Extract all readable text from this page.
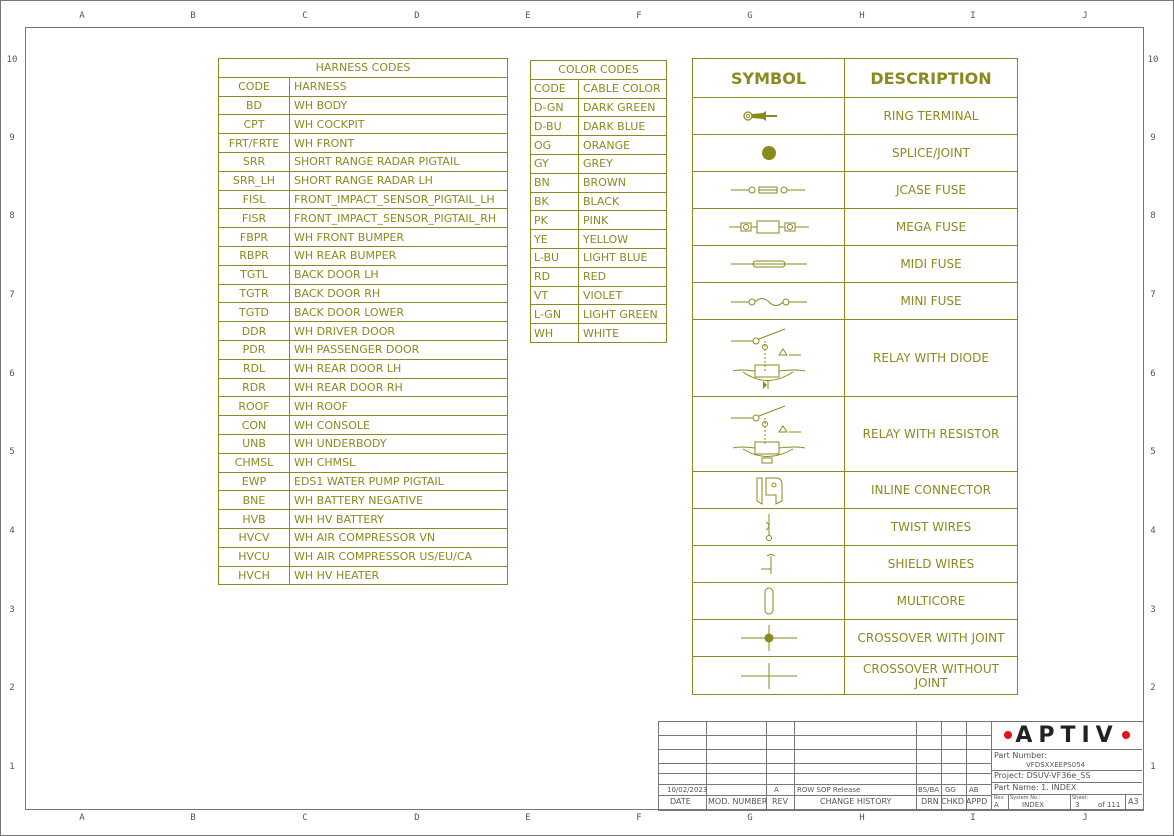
A	B	C	D	E	F	G	H	I	J
A	B	C	D	E	F	G	H	I	J
10
9
8
7
6
5
4
3
2
1
10
9
8
7
6
5
4
3
2
1
HARNESS CODES	
CODE	HARNESS
BD	WH BODY
CPT	WH COCKPIT
FRT/FRTE	WH FRONT
SRR	SHORT RANGE RADAR PIGTAIL
SRR_LH	SHORT RANGE RADAR LH
FISL	FRONT_IMPACT_SENSOR_PIGTAIL_LH
FISR	FRONT_IMPACT_SENSOR_PIGTAIL_RH
FBPR	WH FRONT BUMPER
RBPR	WH REAR BUMPER
TGTL	BACK DOOR LH
TGTR	BACK DOOR RH
TGTD	BACK DOOR LOWER
DDR	WH DRIVER DOOR
PDR	WH PASSENGER DOOR
RDL	WH REAR DOOR LH
RDR	WH REAR DOOR RH
ROOF	WH ROOF
CON	WH CONSOLE
UNB	WH UNDERBODY
CHMSL	WH CHMSL
EWP	EDS1 WATER PUMP PIGTAIL
BNE	WH BATTERY NEGATIVE
HVB	WH HV BATTERY
HVCV	WH AIR COMPRESSOR VN
HVCU	WH AIR COMPRESSOR US/EU/CA
HVCH	WH HV HEATER
COLOR CODES	
CODE	CABLE COLOR
D-GN	DARK GREEN
D-BU	DARK BLUE
OG	ORANGE
GY	GREY
BN	BROWN
BK	BLACK
PK	PINK
YE	YELLOW
L-BU	LIGHT BLUE
RD	RED
VT	VIOLET
L-GN	LIGHT GREEN
WH	WHITE
SYMBOL	DESCRIPTION

	RING TERMINAL

	SPLICE/JOINT

	JCASE FUSE

	MEGA FUSE

	MIDI FUSE

	MINI FUSE

	RELAY WITH DIODE

	RELAY WITH RESISTOR

	INLINE CONNECTOR

	TWIST WIRES

	SHIELD WIRES

	MULTICORE

	CROSSOVER WITH JOINT

	CROSSOVER WITHOUT JOINT
APTIV
10/02/2023	A	ROW SOP Release	BS/BA GG AB
DATE MOD. NUMBER REV	CHANGE HISTORY	DRN CHKD APPD
Part Number:
VFDSXXEEPS054
Project: DSUV-VF36e_SS
Part Name: 1. INDEX
Rev:
A
System No.:
INDEX
Sheet:
3	of 111 A3
